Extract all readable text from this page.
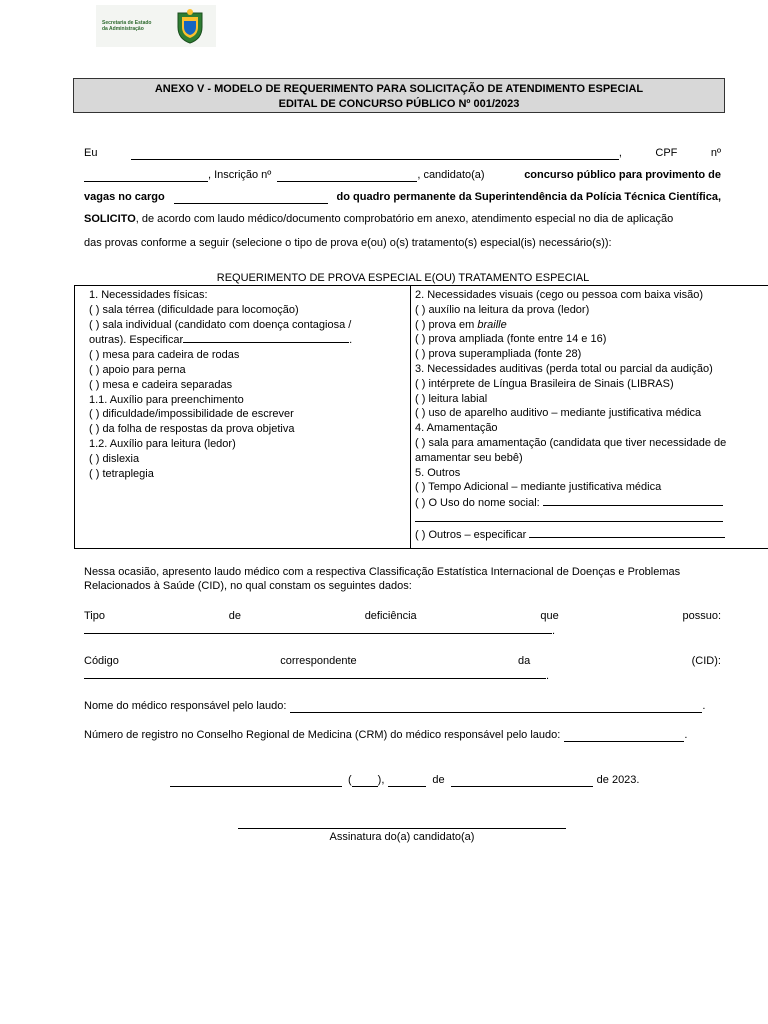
Secretaria de Estado da Administração
ANEXO V - MODELO DE REQUERIMENTO PARA SOLICITAÇÃO DE ATENDIMENTO ESPECIAL
EDITAL DE CONCURSO PÚBLICO Nº 001/2023
Eu	,	CPF	nº
, Inscrição nº	, candidato(a)	concurso público para provimento de
vagas no cargo	do quadro permanente da Superintendência da Polícia Técnica Científica,
SOLICITO, de acordo com laudo médico/documento comprobatório em anexo, atendimento especial no dia de aplicação
das provas conforme a seguir (selecione o tipo de prova e(ou) o(s) tratamento(s) especial(is) necessário(s)):
REQUERIMENTO DE PROVA ESPECIAL E(OU) TRATAMENTO ESPECIAL
1. Necessidades físicas:
( ) sala térrea (dificuldade para locomoção)
( ) sala individual (candidato com doença contagiosa /
outras). Especificar	.
( ) mesa para cadeira de rodas
( ) apoio para perna
( ) mesa e cadeira separadas
1.1. Auxílio para preenchimento
( ) dificuldade/impossibilidade de escrever
( ) da folha de respostas da prova objetiva
1.2. Auxílio para leitura (ledor)
( ) dislexia
( ) tetraplegia
2. Necessidades visuais (cego ou pessoa com baixa visão)
( ) auxílio na leitura da prova (ledor)
( ) prova em braille
( ) prova ampliada (fonte entre 14 e 16)
( ) prova superampliada (fonte 28)
3. Necessidades auditivas (perda total ou parcial da audição)
( ) intérprete de Língua Brasileira de Sinais (LIBRAS)
( ) leitura labial
( ) uso de aparelho auditivo – mediante justificativa médica
4. Amamentação
( ) sala para amamentação (candidata que tiver necessidade de amamentar seu bebê)
5. Outros
( ) Tempo Adicional – mediante justificativa médica
( ) O Uso do nome social:
( ) Outros – especificar
Nessa ocasião, apresento laudo médico com a respectiva Classificação Estatística Internacional de Doenças e Problemas Relacionados à Saúde (CID), no qual constam os seguintes dados:
Tipo	de	deficiência	que	possuo:
.
Código	correspondente	da	(CID):
.
Nome do médico responsável pelo laudo:	.
Número de registro no Conselho Regional de Medicina (CRM) do médico responsável pelo laudo:	.
( ),	de	de 2023.
Assinatura do(a) candidato(a)
